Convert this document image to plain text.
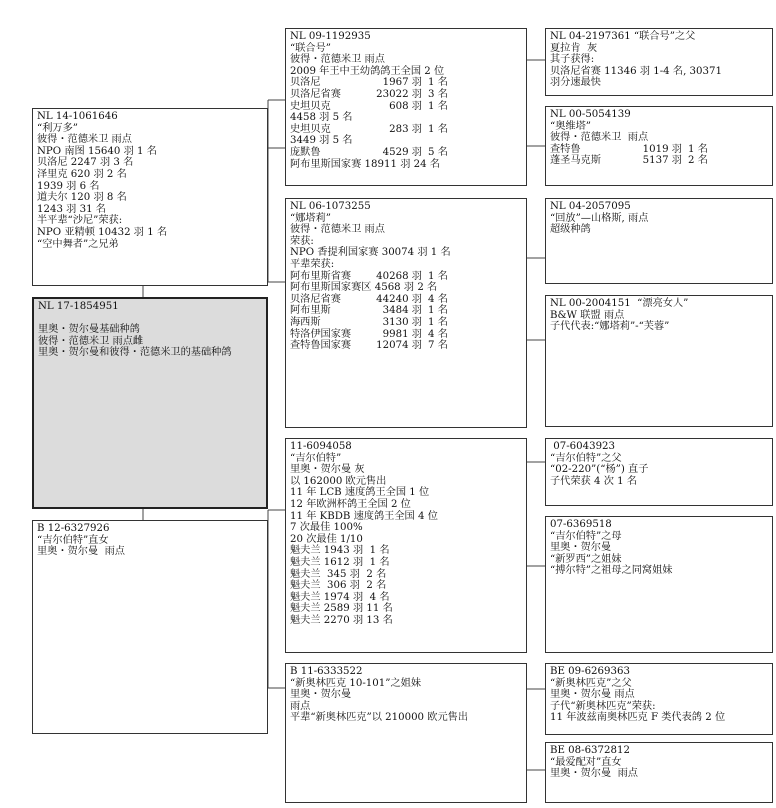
NL 14-1061646
“利万多”
彼得・范德米卫 雨点
NPO 南图 15640 羽 1 名
贝洛尼 2247 羽 3 名
泽里克 620 羽 2 名
1939 羽 6 名
道夫尔 120 羽 8 名
1243 羽 31 名
半平辈“沙尼”荣获:
NPO 亚精顿 10432 羽 1 名
“空中舞者”之兄弟
NL 17-1854951
里奥・贺尔曼基础种鸽
彼得・范德米卫 雨点雌
里奥・贺尔曼和彼得・范德米卫的基础种鸽
B 12-6327926
“吉尔伯特”直女
里奥・贺尔曼  雨点
NL 09-1192935
“联合号”
彼得・范德米卫 雨点
2009 年王中王幼鸽鸽王全国 2 位
贝洛尼	1967 羽 1 名
贝洛尼省赛	23022 羽 3 名
史坦贝克	608 羽 1 名
4458 羽 5 名
史坦贝克	283 羽 1 名
3449 羽 5 名
庞默鲁	4529 羽 5 名
阿布里斯国家赛 18911 羽 24 名
NL 06-1073255
“娜塔莉”
彼得・范德米卫 雨点
荣获:
NPO 香提利国家赛 30074 羽 1 名
平辈荣获:
阿布里斯省赛	40268 羽 1 名
阿布里斯国家赛区 4568 羽 2 名
贝洛尼省赛	44240 羽 4 名
阿布里斯	3484 羽 1 名
海西斯	3130 羽 1 名
特洛伊国家赛	9981 羽 4 名
查特鲁国家赛	12074 羽 7 名
11-6094058
“吉尔伯特”
里奥・贺尔曼 灰
以 162000 欧元售出
11 年 LCB 速度鸽王全国 1 位
12 年欧洲杯鸽王全国 2 位
11 年 KBDB 速度鸽王全国 4 位
7 次最佳 100%
20 次最佳 1/10
魁夫兰 1943 羽  1 名
魁夫兰 1612 羽  1 名
魁夫兰  345 羽  2 名
魁夫兰  306 羽  2 名
魁夫兰 1974 羽  4 名
魁夫兰 2589 羽 11 名
魁夫兰 2270 羽 13 名
B 11-6333522
“新奥林匹克 10-101”之姐妹
里奥・贺尔曼
雨点
平辈“新奥林匹克”以 210000 欧元售出
NL 04-2197361 “联合号”之父
夏拉肯  灰
其子获得:
贝洛尼省赛 11346 羽 1-4 名, 30371
羽分速最快
NL 00-5054139
“奥维塔”
彼得・范德米卫  雨点
查特鲁	1019 羽 1 名
蓬圣马克斯	5137 羽 2 名
NL 04-2057095
“回放”—山格斯, 雨点
超级种鸽
NL 00-2004151  “漂亮女人”
B&W 联盟 雨点
子代代表:“娜塔莉”-“芙蓉”
07-6043923
“吉尔伯特”之父
“02-220”(“杨”) 直子
子代荣获 4 次 1 名
07-6369518
“吉尔伯特”之母
里奥・贺尔曼
“新罗西”之姐妹
“搏尔特”之祖母之同窝姐妹
BE 09-6269363
“新奥林匹克”之父
里奥・贺尔曼 雨点
子代“新奥林匹克”荣获:
11 年波兹南奥林匹克 F 类代表鸽 2 位
BE 08-6372812
“最爱配对”直女
里奥・贺尔曼  雨点
